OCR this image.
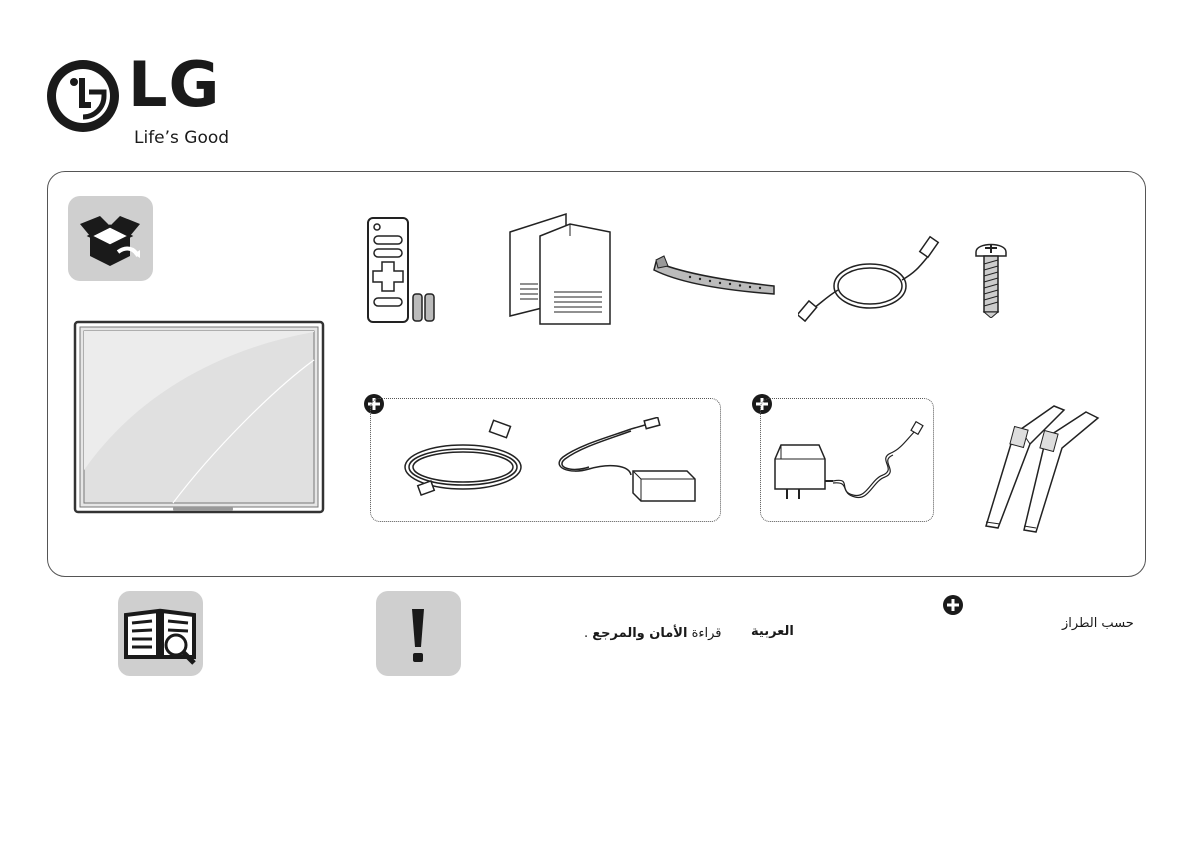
LG
Life’s Good
قراءة الأمان والمرجع .	العربية
حسب الطراز
